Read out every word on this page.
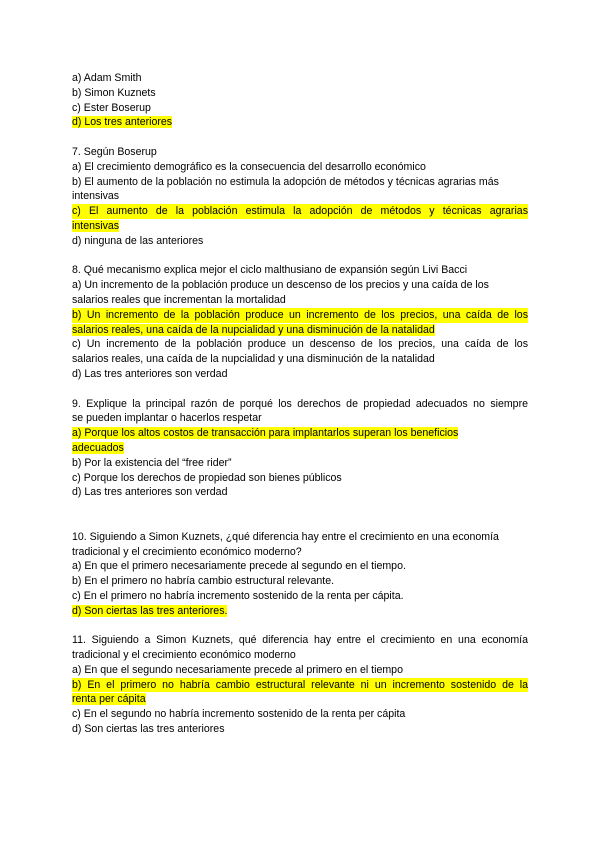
a) Adam Smith
b) Simon Kuznets
c) Ester Boserup
d) Los tres anteriores
7. Según Boserup
a) El crecimiento demográfico es la consecuencia del desarrollo económico
b) El aumento de la población no estimula la adopción de métodos y técnicas agrarias más
intensivas
c) El aumento de la población estimula la adopción de métodos y técnicas agrarias
intensivas
d) ninguna de las anteriores
8. Qué mecanismo explica mejor el ciclo malthusiano de expansión según Livi Bacci
a) Un incremento de la población produce un descenso de los precios y una caída de los
salarios reales que incrementan la mortalidad
b) Un incremento de la población produce un incremento de los precios, una caída de los
salarios reales, una caída de la nupcialidad y una disminución de la natalidad
c) Un incremento de la población produce un descenso de los precios, una caída de los
salarios reales, una caída de la nupcialidad y una disminución de la natalidad
d) Las tres anteriores son verdad
9. Explique la principal razón de porqué los derechos de propiedad adecuados no siempre
se pueden implantar o hacerlos respetar
a) Porque los altos costos de transacción para implantarlos superan los beneficios
adecuados
b) Por la existencia del “free rider”
c) Porque los derechos de propiedad son bienes públicos
d) Las tres anteriores son verdad
10. Siguiendo a Simon Kuznets, ¿qué diferencia hay entre el crecimiento en una economía
tradicional y el crecimiento económico moderno?
a) En que el primero necesariamente precede al segundo en el tiempo.
b) En el primero no habría cambio estructural relevante.
c) En el primero no habría incremento sostenido de la renta per cápita.
d) Son ciertas las tres anteriores.
11. Siguiendo a Simon Kuznets, qué diferencia hay entre el crecimiento en una economía
tradicional y el crecimiento económico moderno
a) En que el segundo necesariamente precede al primero en el tiempo
b) En el primero no habría cambio estructural relevante ni un incremento sostenido de la
renta per cápita
c) En el segundo no habría incremento sostenido de la renta per cápita
d) Son ciertas las tres anteriores
